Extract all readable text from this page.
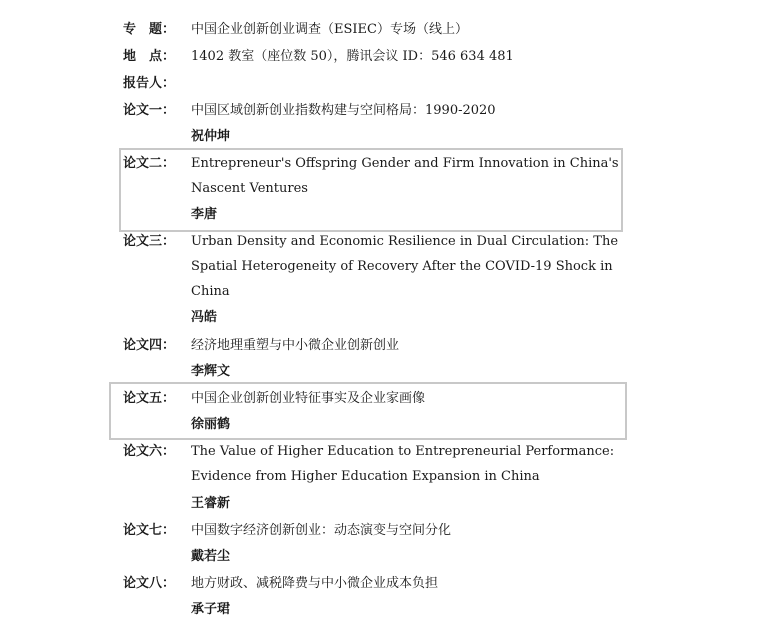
专　题： 中国企业创新创业调查（ESIEC）专场（线上）
地　点： 1402 教室（座位数 50），腾讯会议 ID：546 634 481
报告人：
论文一： 中国区域创新创业指数构建与空间格局：1990-2020
祝仲坤
论文二： Entrepreneur's Offspring Gender and Firm Innovation in China's
Nascent Ventures
李唐
论文三： Urban Density and Economic Resilience in Dual Circulation: The
Spatial Heterogeneity of Recovery After the COVID-19 Shock in
China
冯皓
论文四： 经济地理重塑与中小微企业创新创业
李辉文
论文五： 中国企业创新创业特征事实及企业家画像
徐丽鹤
论文六： The Value of Higher Education to Entrepreneurial Performance:
Evidence from Higher Education Expansion in China
王睿新
论文七： 中国数字经济创新创业：动态演变与空间分化
戴若尘
论文八： 地方财政、减税降费与中小微企业成本负担
承子珺
